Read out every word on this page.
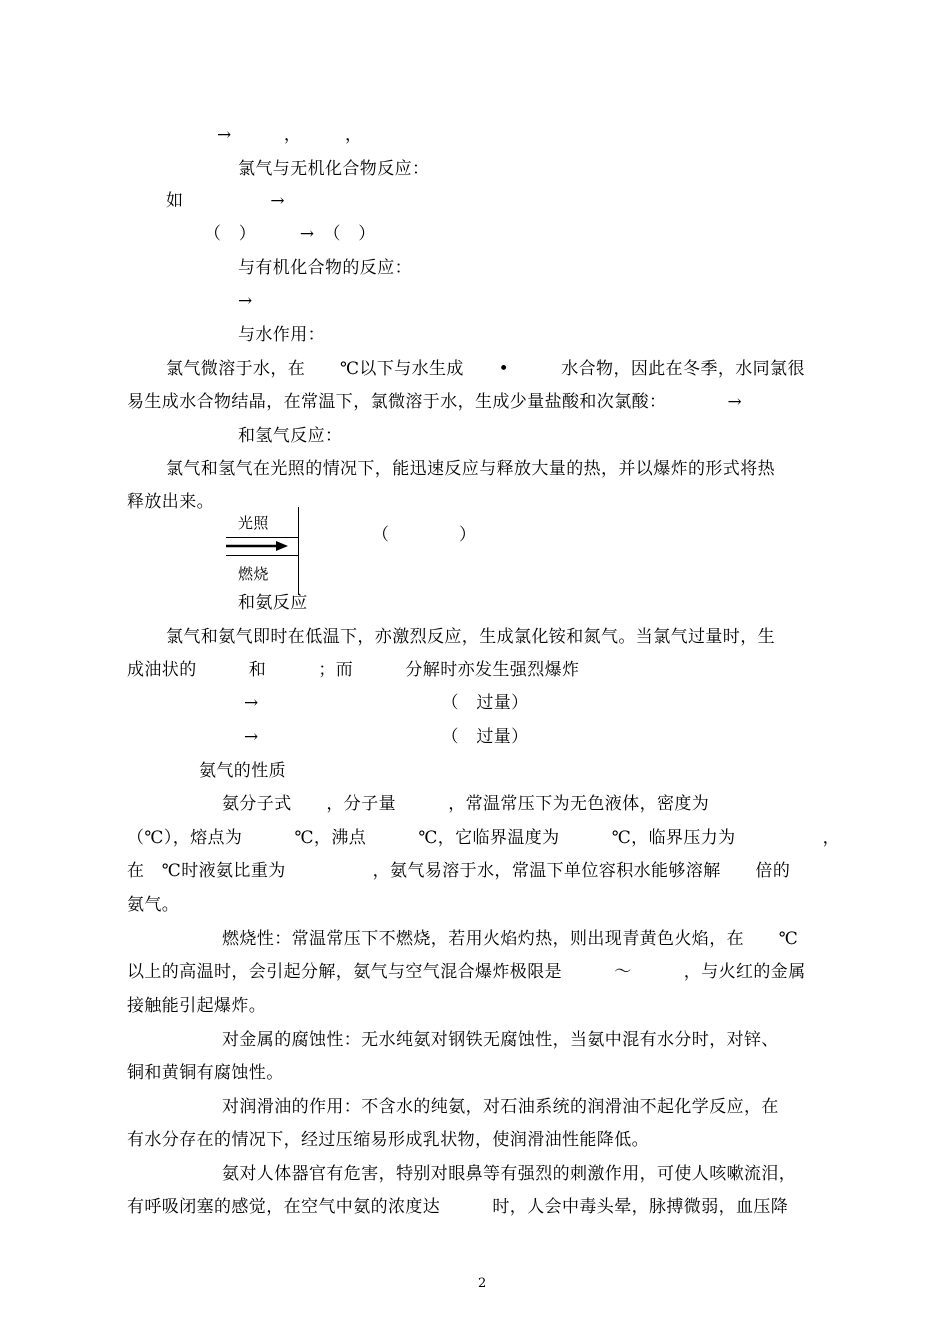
→　　　，　　　，
氯气与无机化合物反应：
如　　　　　→
（　）　　　→　（　）
与有机化合物的反应：
→
与水作用：
氯气微溶于水，在　　℃以下与水生成　　•　　　水合物，因此在冬季，水同氯很
易生成水合物结晶，在常温下，氯微溶于水，生成少量盐酸和次氯酸：　　　　→
和氢气反应：
氯气和氢气在光照的情况下，能迅速反应与释放大量的热，并以爆炸的形式将热
释放出来。
光照
燃烧
（　　　　）
和氨反应
氯气和氨气即时在低温下，亦激烈反应，生成氯化铵和氮气。当氯气过量时，生
成油状的　　　和　　　；而　　　分解时亦发生强烈爆炸
→　　　　　　　　　　　（　过量）
→　　　　　　　　　　　（　过量）
氨气的性质
氨分子式　　，分子量　　　，常温常压下为无色液体，密度为
（℃），熔点为　　　℃，沸点　　　℃，它临界温度为　　　℃，临界压力为　　　　　，
在　℃时液氨比重为　　　　　，氨气易溶于水，常温下单位容积水能够溶解　　倍的
氨气。
燃烧性：常温常压下不燃烧，若用火焰灼热，则出现青黄色火焰，在　　℃
以上的高温时，会引起分解，氨气与空气混合爆炸极限是　　　～　　　，与火红的金属
接触能引起爆炸。
对金属的腐蚀性：无水纯氨对钢铁无腐蚀性，当氨中混有水分时，对锌、
铜和黄铜有腐蚀性。
对润滑油的作用：不含水的纯氨，对石油系统的润滑油不起化学反应，在
有水分存在的情况下，经过压缩易形成乳状物，使润滑油性能降低。
氨对人体器官有危害，特别对眼鼻等有强烈的刺激作用，可使人咳嗽流泪，
有呼吸闭塞的感觉，在空气中氨的浓度达　　　时，人会中毒头晕，脉搏微弱，血压降
2
